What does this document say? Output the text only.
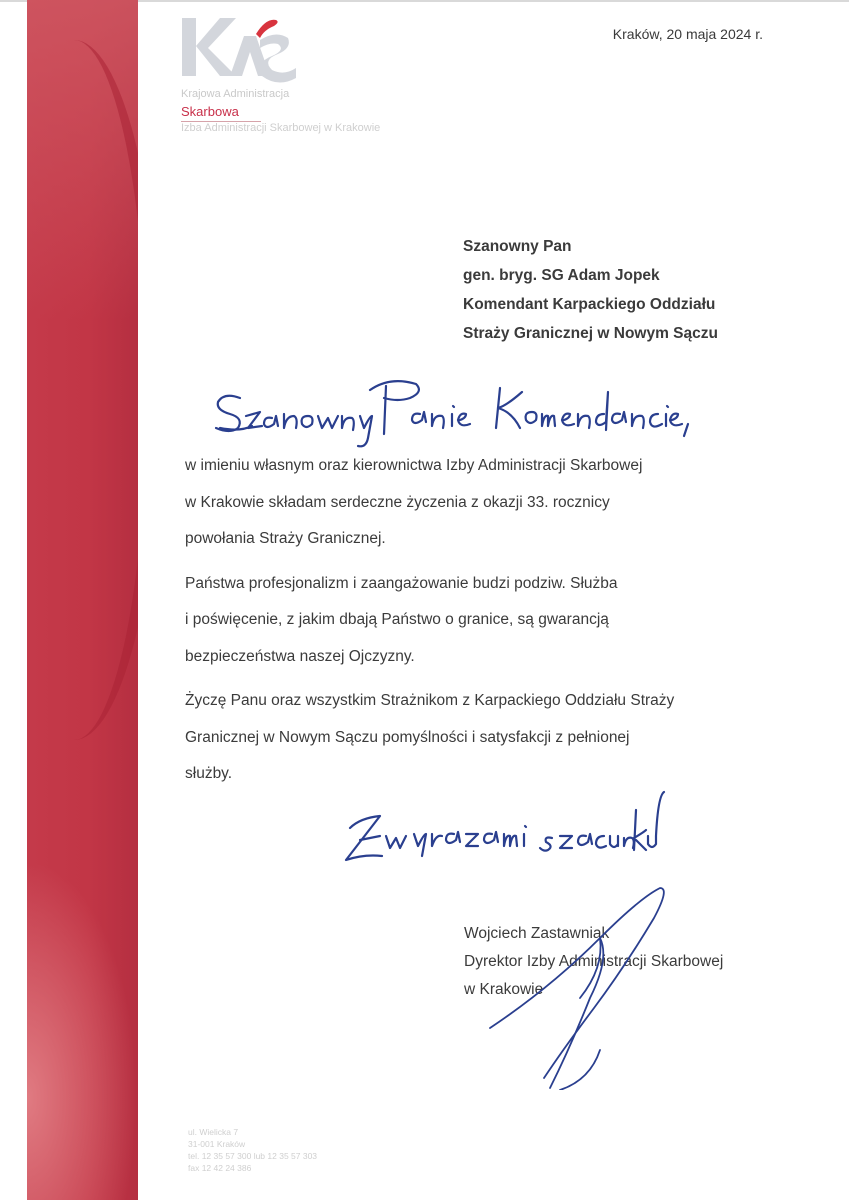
Krajowa Administracja
Skarbowa
Izba Administracji Skarbowej w Krakowie
Kraków, 20 maja 2024 r.
Szanowny Pan
gen. bryg. SG Adam Jopek
Komendant Karpackiego Oddziału
Straży Granicznej w Nowym Sączu

w imieniu własnym oraz kierownictwa Izby Administracji Skarbowej
w Krakowie składam serdeczne życzenia z okazji 33. rocznicy
powołania Straży Granicznej.

Państwa profesjonalizm i zaangażowanie budzi podziw. Służba
i poświęcenie, z jakim dbają Państwo o granice, są gwarancją
bezpieczeństwa naszej Ojczyzny.

Życzę Panu oraz wszystkim Strażnikom z Karpackiego Oddziału Straży
Granicznej w Nowym Sączu pomyślności i satysfakcji z pełnionej
służby.

Wojciech Zastawniak
Dyrektor Izby Administracji Skarbowej
w Krakowie
ul. Wielicka 7
31-001 Kraków
tel. 12 35 57 300 lub 12 35 57 303
fax 12 42 24 386
